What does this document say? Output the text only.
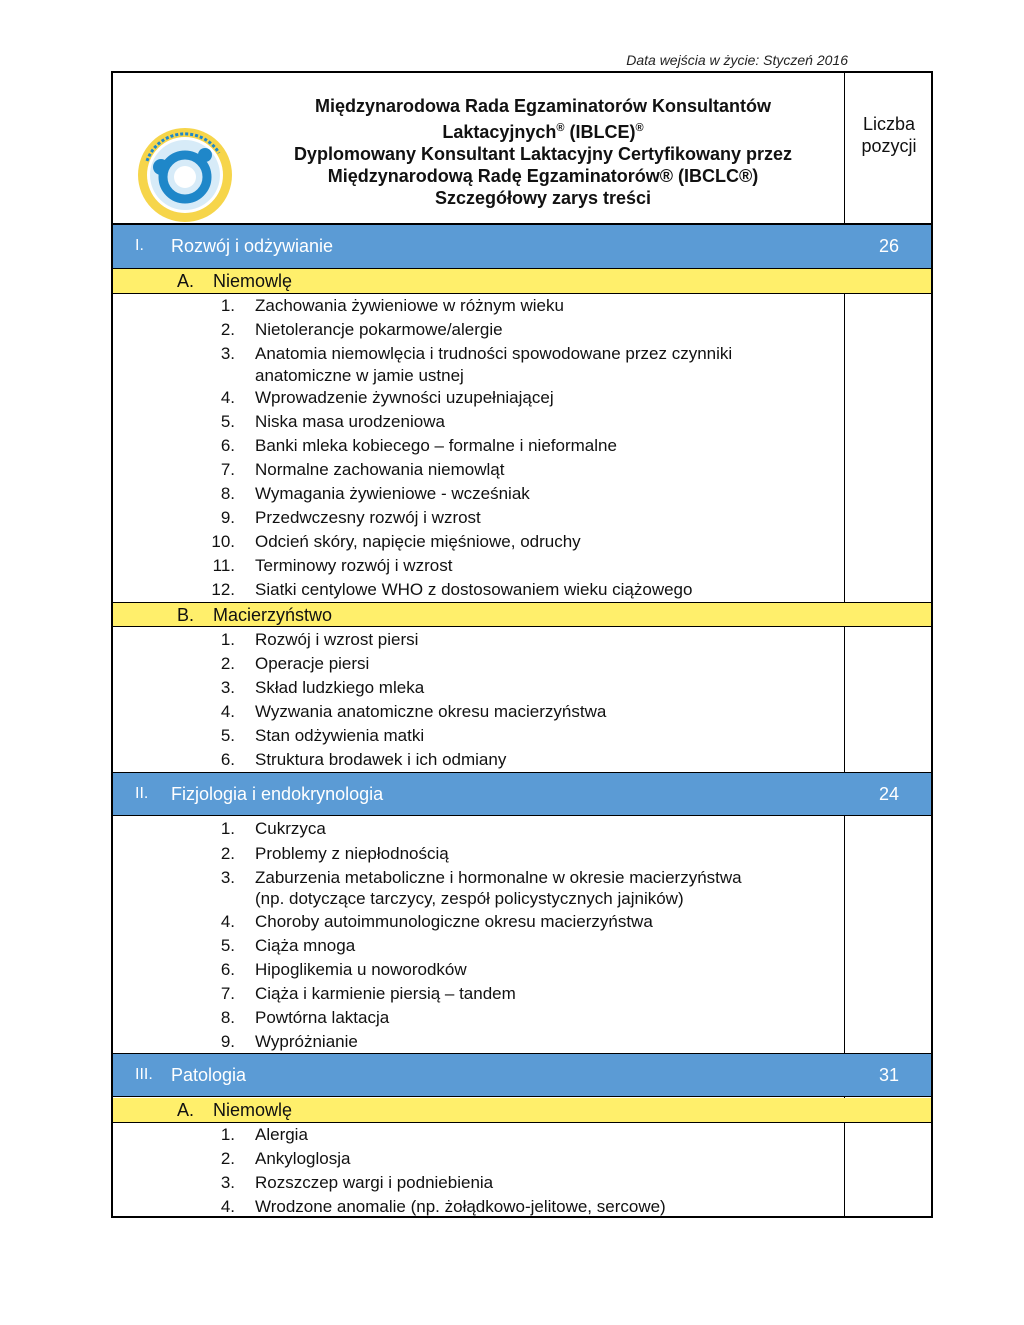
Data wejścia w życie: Styczeń 2016
Międzynarodowa Rada Egzaminatorów Konsultantów
Laktacyjnych® (IBLCE)®
Dyplomowany Konsultant Laktacyjny Certyfikowany przez
Międzynarodową Radę Egzaminatorów® (IBCLC®)
Szczegółowy zarys treści
Liczba
pozycji
I. Rozwój i odżywianie	26
A. Niemowlę
1. Zachowania żywieniowe w różnym wieku
2. Nietolerancje pokarmowe/alergie
3. Anatomia niemowlęcia i trudności spowodowane przez czynniki
anatomiczne w jamie ustnej
4. Wprowadzenie żywności uzupełniającej
5. Niska masa urodzeniowa
6. Banki mleka kobiecego – formalne i nieformalne
7. Normalne zachowania niemowląt
8. Wymagania żywieniowe - wcześniak
9. Przedwczesny rozwój i wzrost
10. Odcień skóry, napięcie mięśniowe, odruchy
11. Terminowy rozwój i wzrost
12. Siatki centylowe WHO z dostosowaniem wieku ciążowego
B. Macierzyństwo
1. Rozwój i wzrost piersi
2. Operacje piersi
3. Skład ludzkiego mleka
4. Wyzwania anatomiczne okresu macierzyństwa
5. Stan odżywienia matki
6. Struktura brodawek i ich odmiany
II. Fizjologia i endokrynologia	24
1. Cukrzyca
2. Problemy z niepłodnością
3. Zaburzenia metaboliczne i hormonalne w okresie macierzyństwa
(np. dotyczące tarczycy, zespół policystycznych jajników)
4. Choroby autoimmunologiczne okresu macierzyństwa
5. Ciąża mnoga
6. Hipoglikemia u noworodków
7. Ciąża i karmienie piersią – tandem
8. Powtórna laktacja
9. Wypróżnianie
III. Patologia	31
A. Niemowlę
1. Alergia
2. Ankyloglosja
3. Rozszczep wargi i podniebienia
4. Wrodzone anomalie (np. żołądkowo-jelitowe, sercowe)
